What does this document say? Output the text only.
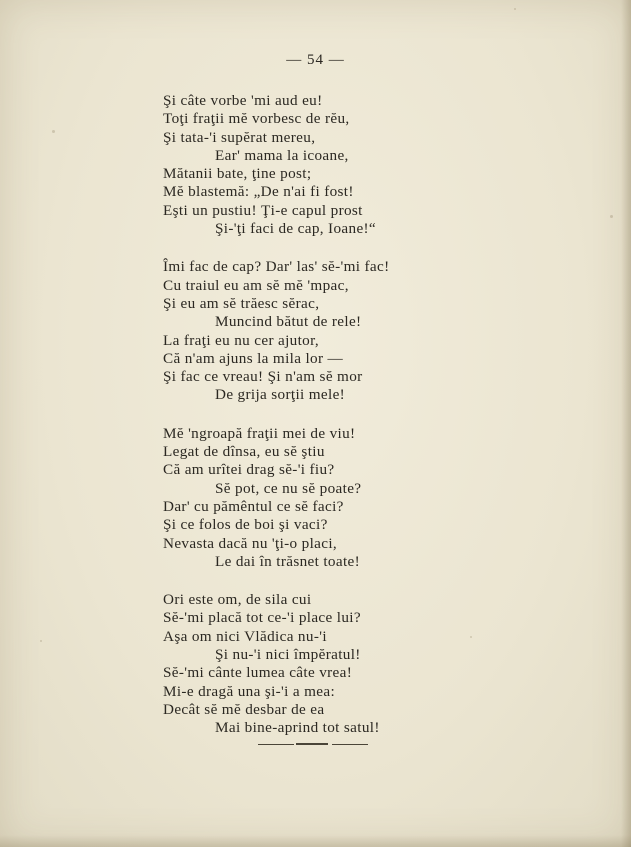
— 54 —
Şi câte vorbe 'mi aud eu!
Toţi fraţii mĕ vorbesc de rĕu,
Şi tata-'i supĕrat mereu,
Ear' mama la icoane,
Mătanii bate, ţine post;
Mĕ blastemă: „De n'ai fi fost!
Eşti un pustiu! Ţi-e capul prost
Şi-'ţi faci de cap, Ioane!“
Îmi fac de cap? Dar' las' sĕ-'mi fac!
Cu traiul eu am sĕ mĕ 'mpac,
Şi eu am sĕ trăesc sĕrac,
Muncind bătut de rele!
La fraţi eu nu cer ajutor,
Că n'am ajuns la mila lor —
Şi fac ce vreau! Şi n'am sĕ mor
De grija sorţii mele!
Mĕ 'ngroapă fraţii mei de viu!
Legat de dînsa, eu sĕ ştiu
Că am urîtei drag sĕ-'i fiu?
Sĕ pot, ce nu sĕ poate?
Dar' cu pămêntul ce sĕ faci?
Şi ce folos de boi şi vaci?
Nevasta dacă nu 'ţi-o placi,
Le dai în trăsnet toate!
Ori este om, de sila cui
Sĕ-'mi placă tot ce-'i place lui?
Aşa om nici Vlădica nu-'i
Şi nu-'i nici împĕratul!
Sĕ-'mi cânte lumea câte vrea!
Mi-e dragă una şi-'i a mea:
Decât sĕ mĕ desbar de ea
Mai bine-aprind tot satul!
